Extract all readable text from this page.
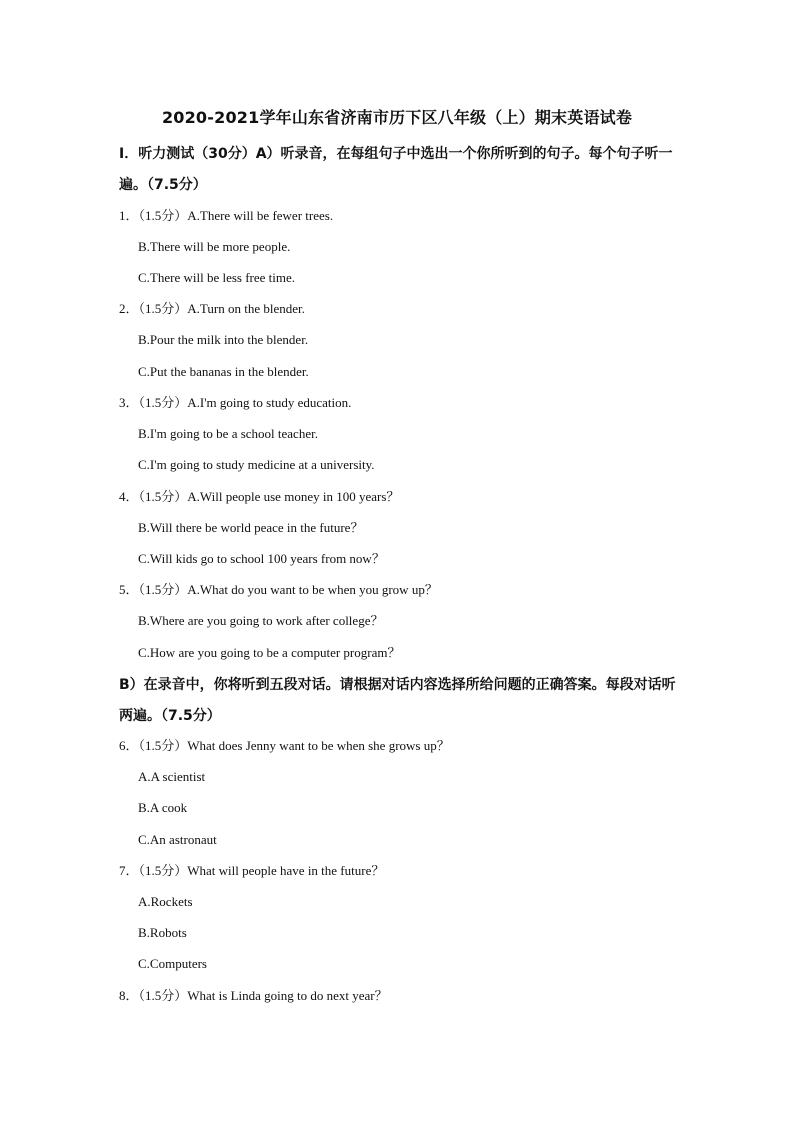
2020-2021学年山东省济南市历下区八年级（上）期末英语试卷
I．听力测试（30分）A）听录音，在每组句子中选出一个你所听到的句子。每个句子听一
遍。（7.5分）
1．（1.5分）A.There will be fewer trees.
B.There will be more people.
C.There will be less free time.
2．（1.5分）A.Turn on the blender.
B.Pour the milk into the blender.
C.Put the bananas in the blender.
3．（1.5分）A.I'm going to study education.
B.I'm going to be a school teacher.
C.I'm going to study medicine at a university.
4．（1.5分）A.Will people use money in 100 years？
B.Will there be world peace in the future？
C.Will kids go to school 100 years from now？
5．（1.5分）A.What do you want to be when you grow up？
B.Where are you going to work after college？
C.How are you going to be a computer program？
B）在录音中，你将听到五段对话。请根据对话内容选择所给问题的正确答案。每段对话听
两遍。（7.5分）
6．（1.5分）What does Jenny want to be when she grows up？
A.A scientist
B.A cook
C.An astronaut
7．（1.5分）What will people have in the future？
A.Rockets
B.Robots
C.Computers
8．（1.5分）What is Linda going to do next year？
